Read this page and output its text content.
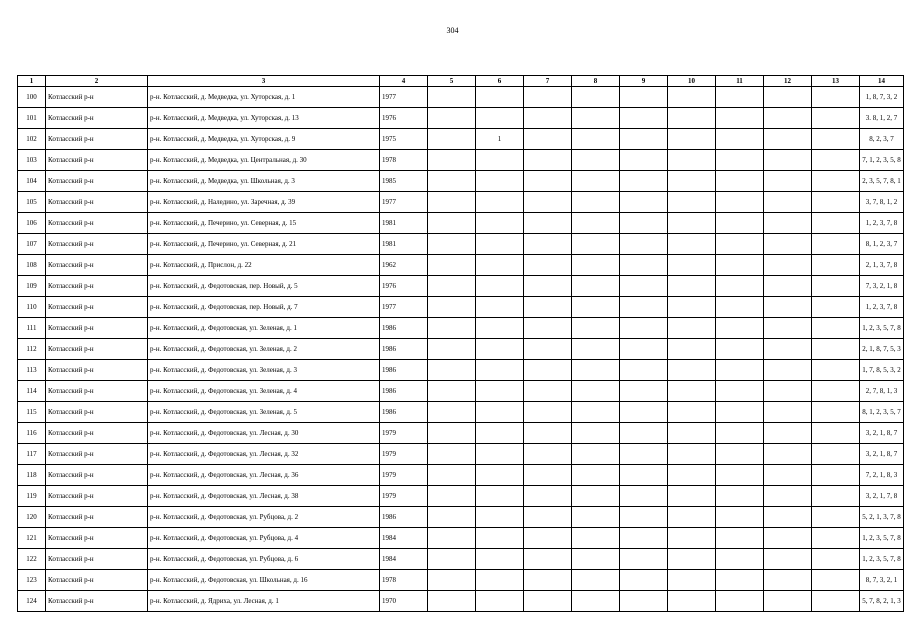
304
1	2	3	4	5	6	7	8	9	10	11	12	13	14
100	Котласский р-н	р-н. Котласский, д. Медведка, ул. Хуторская, д. 1	1977										1, 8, 7, 3, 2
101	Котласский р-н	р-н. Котласский, д. Медведка, ул. Хуторская, д. 13	1976										3. 8, 1, 2, 7
102	Котласский р-н	р-н. Котласский, д. Медведка, ул. Хуторская, д. 9	1975		1								8, 2, 3, 7
103	Котласский р-н	р-н. Котласский, д. Медведка, ул. Центральная, д. 30	1978										7, 1, 2, 3, 5, 8
104	Котласский р-н	р-н. Котласский, д. Медведка, ул. Школьная, д. 3	1985										2, 3, 5, 7, 8, 1
105	Котласский р-н	р-н. Котласский, д. Наледино, ул. Заречная, д. 39	1977										3, 7, 8, 1, 2
106	Котласский р-н	р-н. Котласский, д. Печерино, ул. Северная, д. 15	1981										1, 2, 3, 7, 8
107	Котласский р-н	р-н. Котласский, д. Печерино, ул. Северная, д. 21	1981										8, 1, 2, 3, 7
108	Котласский р-н	р-н. Котласский, д. Прислон, д. 22	1962										2, 1, 3, 7, 8
109	Котласский р-н	р-н. Котласский, д. Федотовская, пер. Новый, д. 5	1976										7, 3, 2, 1, 8
110	Котласский р-н	р-н. Котласский, д. Федотовская, пер. Новый, д. 7	1977										1, 2, 3, 7, 8
111	Котласский р-н	р-н. Котласский, д. Федотовская, ул. Зеленая, д. 1	1986										1, 2, 3, 5, 7, 8
112	Котласский р-н	р-н. Котласский, д. Федотовская, ул. Зеленая, д. 2	1986										2, 1, 8, 7, 5, 3
113	Котласский р-н	р-н. Котласский, д. Федотовская, ул. Зеленая, д. 3	1986										1, 7, 8, 5, 3, 2
114	Котласский р-н	р-н. Котласский, д. Федотовская, ул. Зеленая, д. 4	1986										2, 7, 8, 1, 3
115	Котласский р-н	р-н. Котласский, д. Федотовская, ул. Зеленая, д. 5	1986										8, 1, 2, 3, 5, 7
116	Котласский р-н	р-н. Котласский, д. Федотовская, ул. Лесная, д. 30	1979										3, 2, 1, 8, 7
117	Котласский р-н	р-н. Котласский, д. Федотовская, ул. Лесная, д. 32	1979										3, 2, 1, 8, 7
118	Котласский р-н	р-н. Котласский, д. Федотовская, ул. Лесная, д. 36	1979										7, 2, 1, 8, 3
119	Котласский р-н	р-н. Котласский, д. Федотовская, ул. Лесная, д. 38	1979										3, 2, 1, 7, 8
120	Котласский р-н	р-н. Котласский, д. Федотовская, ул. Рубцова, д. 2	1986										5, 2, 1, 3, 7, 8
121	Котласский р-н	р-н. Котласский, д. Федотовская, ул. Рубцова, д. 4	1984										1, 2, 3, 5, 7, 8
122	Котласский р-н	р-н. Котласский, д. Федотовская, ул. Рубцова, д. 6	1984										1, 2, 3, 5, 7, 8
123	Котласский р-н	р-н. Котласский, д. Федотовская, ул. Школьная, д. 16	1978										8, 7, 3, 2, 1
124	Котласский р-н	р-н. Котласский, д. Ядриха, ул. Лесная, д. 1	1970										5, 7, 8, 2, 1, 3
